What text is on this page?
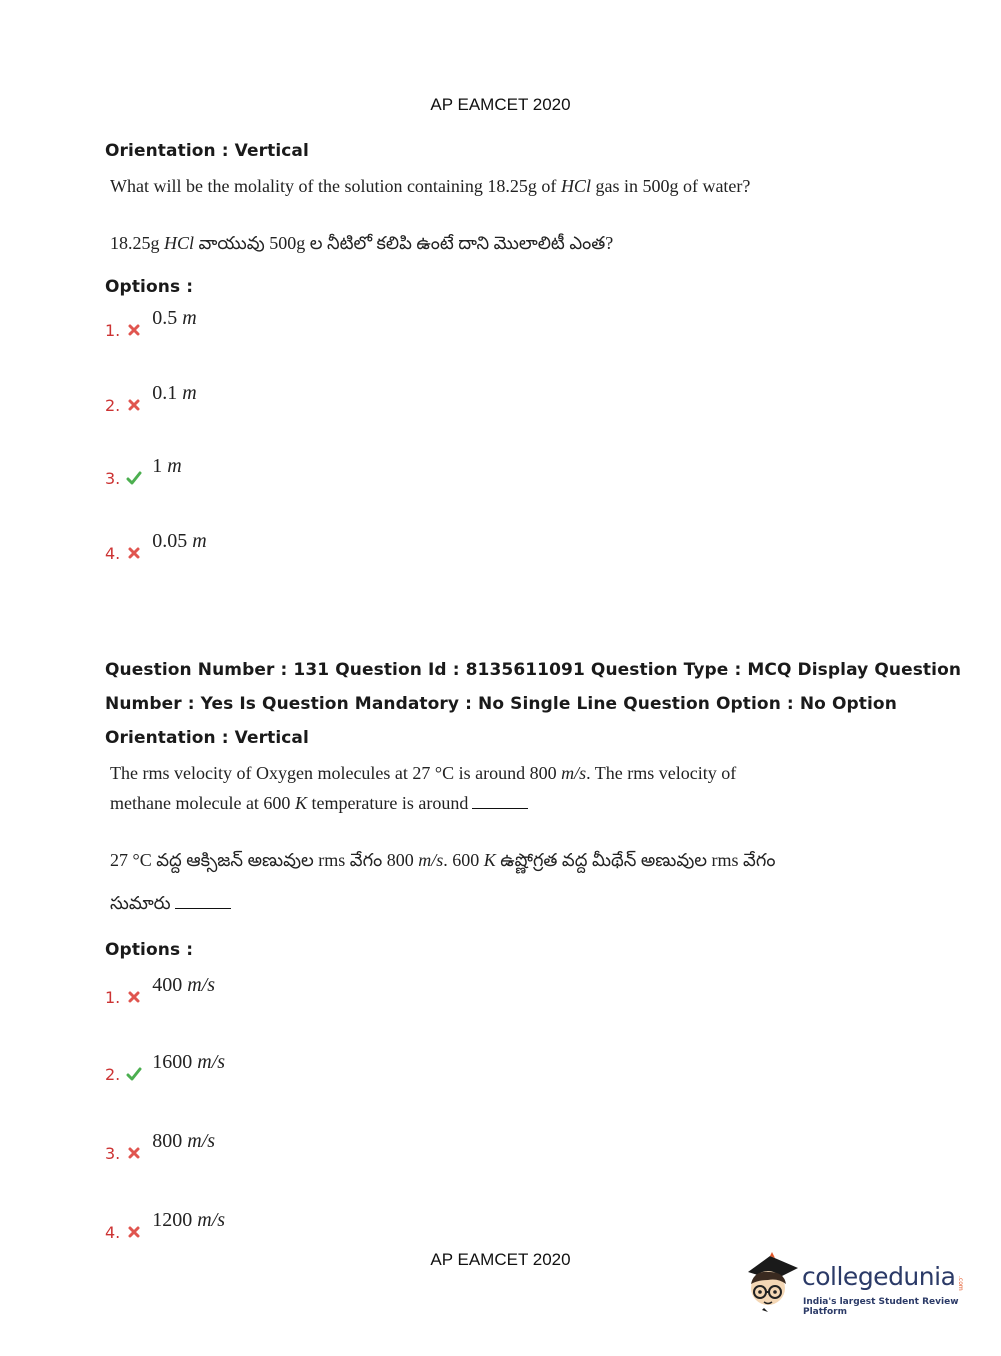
AP EAMCET 2020
Orientation : Vertical
What will be the molality of the solution containing 18.25g of HCl gas in 500g of water?
18.25g HCl వాయువు 500g ల నీటిలో కలిపి ఉంటే దాని మొలాలిటీ ఎంత?
Options :
1.
0.5 m
2.
0.1 m
3.
1 m
4.
0.05 m
Question Number : 131 Question Id : 8135611091 Question Type : MCQ Display Question
Number : Yes Is Question Mandatory : No Single Line Question Option : No Option
Orientation : Vertical
The rms velocity of Oxygen molecules at 27 °C is around 800 m/s. The rms velocity of
methane molecule at 600 K temperature is around
27 °C వద్ద ఆక్సిజన్ అణువుల rms వేగం 800 m/s. 600 K ఉష్ణోగ్రత వద్ద మీథేన్ అణువుల rms వేగం
సుమారు
Options :
1.
400 m/s
2.
1600 m/s
3.
800 m/s
4.
1200 m/s
AP EAMCET 2020
collegedunia .com
India's largest Student Review Platform
